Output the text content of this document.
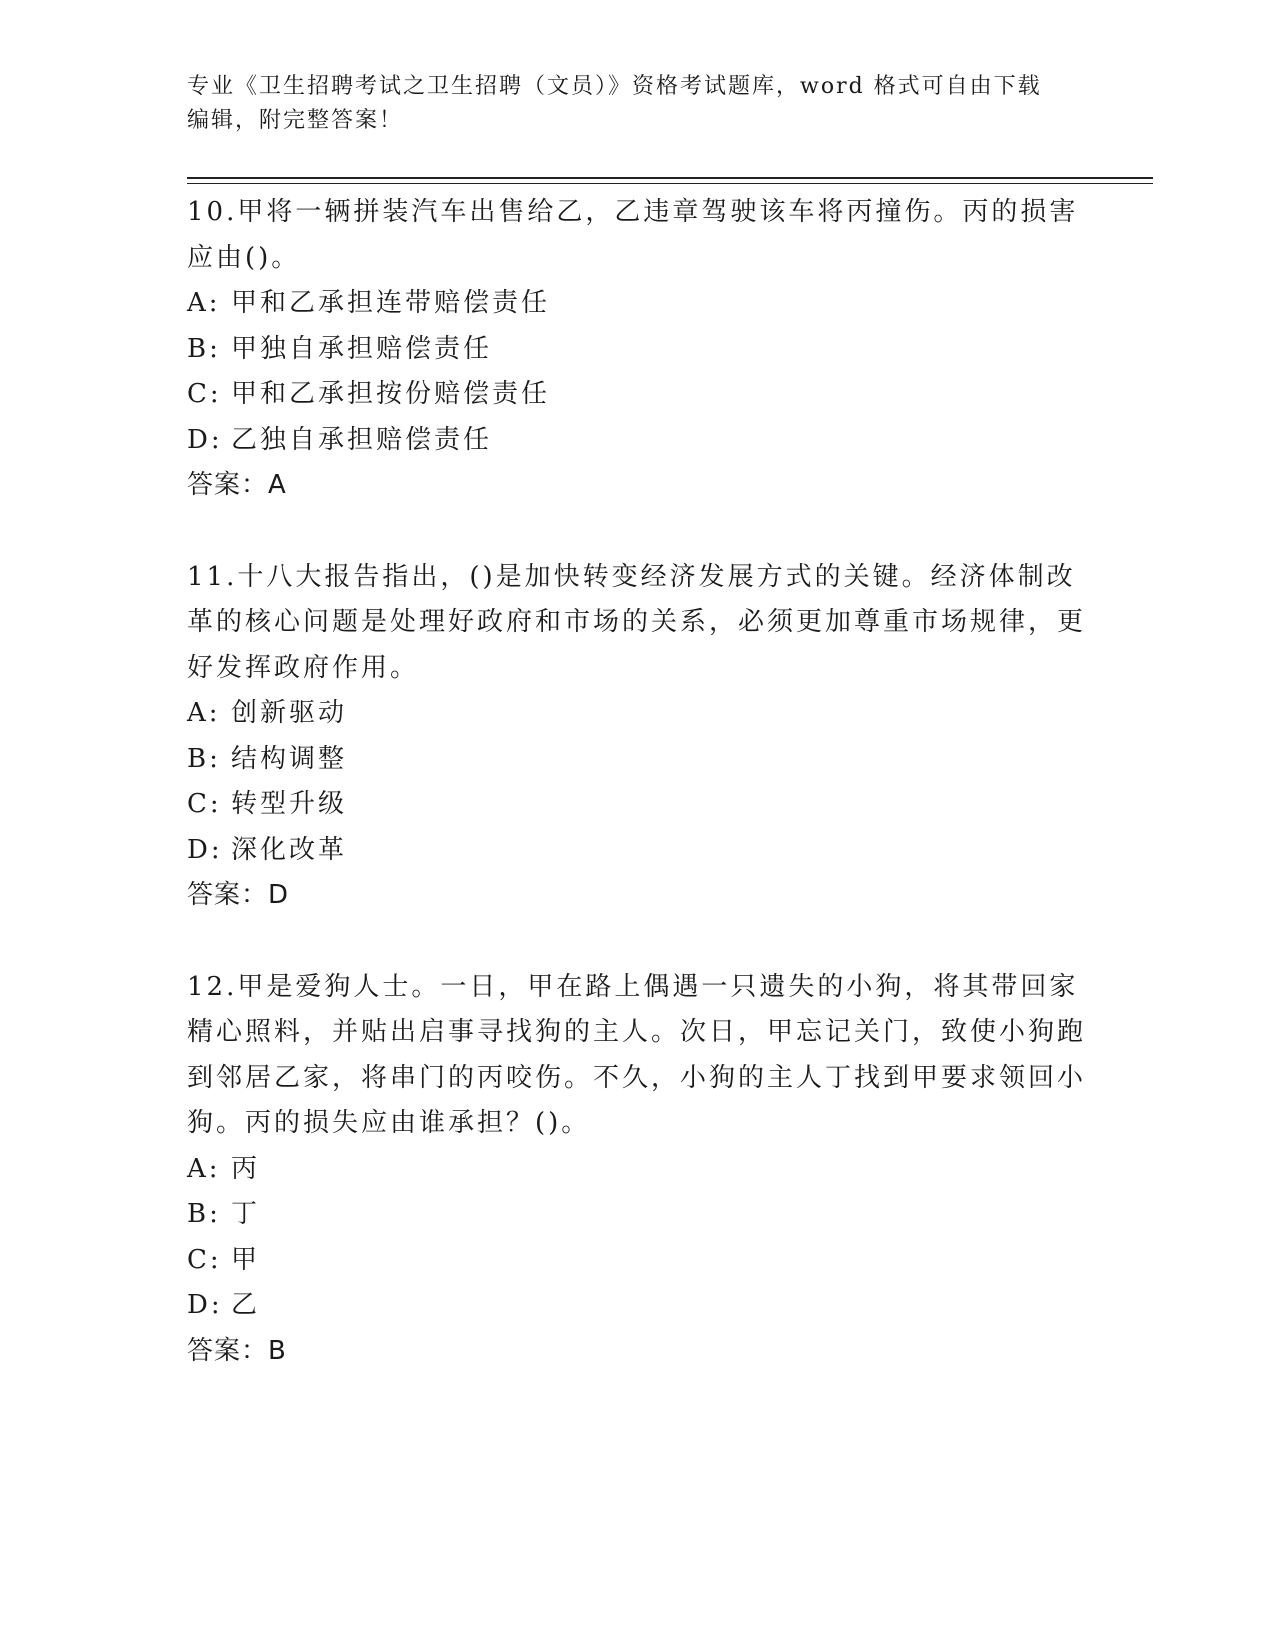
专业《卫生招聘考试之卫生招聘（文员）》资格考试题库，word 格式可自由下载
编辑，附完整答案！

10.甲将一辆拼装汽车出售给乙，乙违章驾驶该车将丙撞伤。丙的损害应由()。

A: 甲和乙承担连带赔偿责任
B: 甲独自承担赔偿责任
C: 甲和乙承担按份赔偿责任
D: 乙独自承担赔偿责任
答案：A

11.十八大报告指出，()是加快转变经济发展方式的关键。经济体制改革的核心问题是处理好政府和市场的关系，必须更加尊重市场规律，更好发挥政府作用。

A: 创新驱动
B: 结构调整
C: 转型升级
D: 深化改革
答案：D

12.甲是爱狗人士。一日，甲在路上偶遇一只遗失的小狗，将其带回家精心照料，并贴出启事寻找狗的主人。次日，甲忘记关门，致使小狗跑到邻居乙家，将串门的丙咬伤。不久，小狗的主人丁找到甲要求领回小狗。丙的损失应由谁承担？()。

A: 丙
B: 丁
C: 甲
D: 乙
答案：B
